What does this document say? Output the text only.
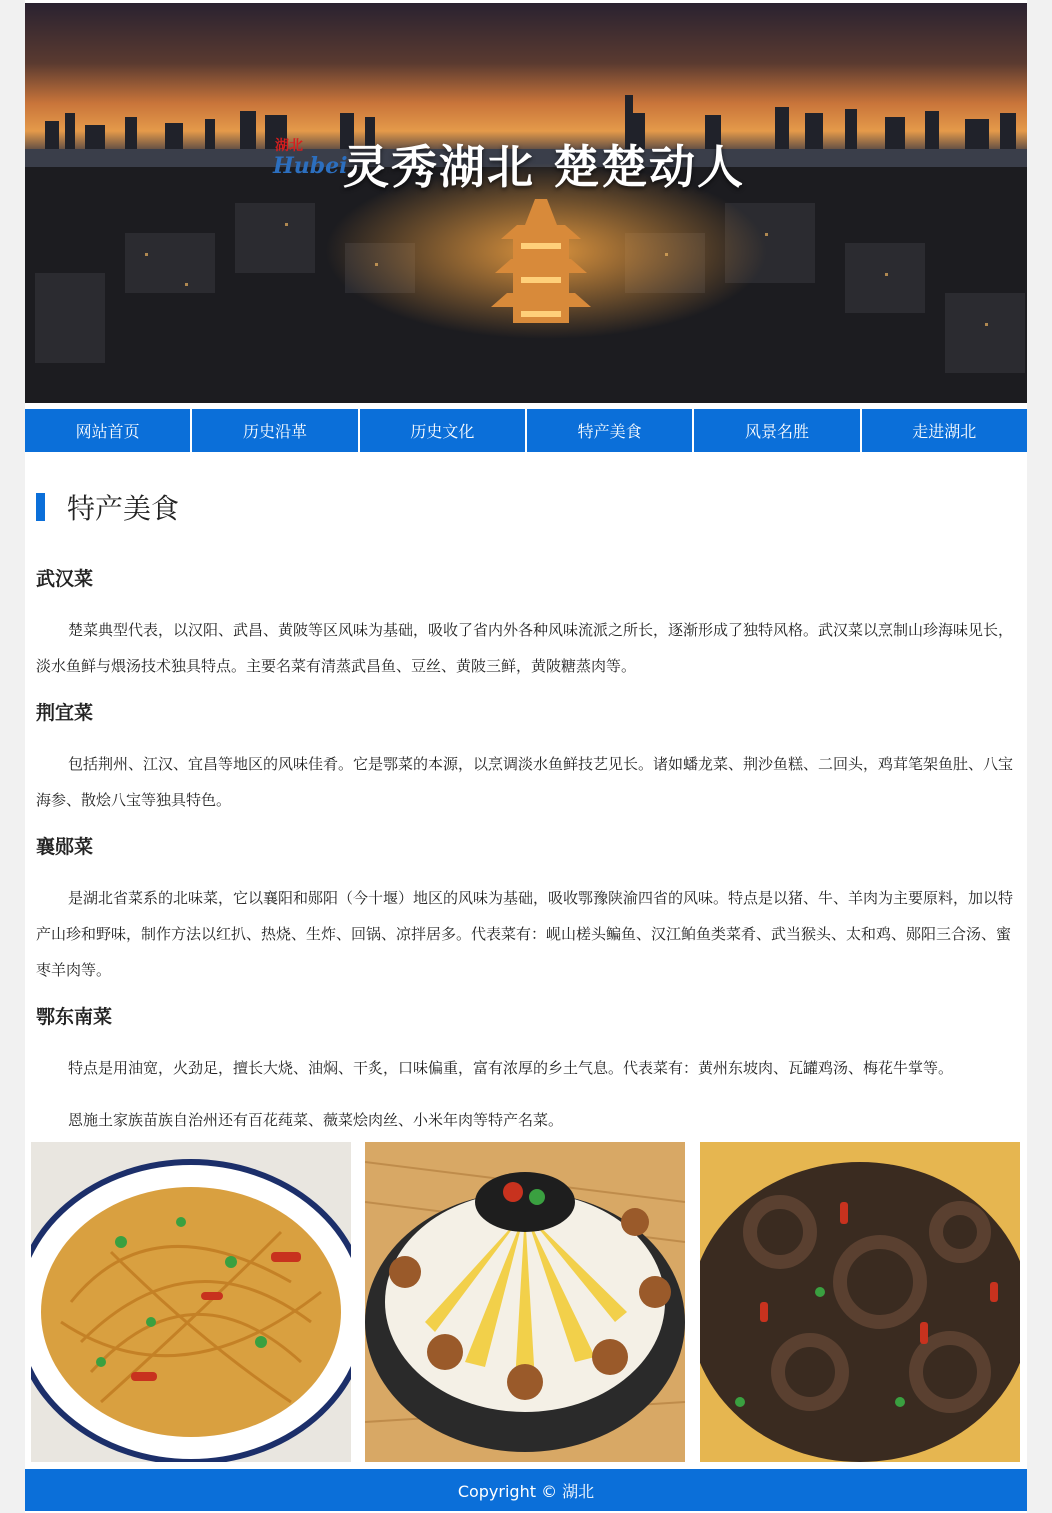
湖北
Hubei
灵秀湖北 楚楚动人
网站首页	历史沿革	历史文化	特产美食	风景名胜	走进湖北
特产美食
武汉菜

楚菜典型代表，以汉阳、武昌、黄陂等区风味为基础，吸收了省内外各种风味流派之所长，逐渐形成了独特风格。武汉菜以烹制山珍海味见长，淡水鱼鲜与煨汤技术独具特点。主要名菜有清蒸武昌鱼、豆丝、黄陂三鲜，黄陂糖蒸肉等。

荆宜菜

包括荆州、江汉、宜昌等地区的风味佳肴。它是鄂菜的本源，以烹调淡水鱼鲜技艺见长。诸如蟠龙菜、荆沙鱼糕、二回头，鸡茸笔架鱼肚、八宝海参、散烩八宝等独具特色。

襄郧菜

是湖北省菜系的北味菜，它以襄阳和郧阳（今十堰）地区的风味为基础，吸收鄂豫陕渝四省的风味。特点是以猪、牛、羊肉为主要原料，加以特产山珍和野味，制作方法以红扒、热烧、生炸、回锅、凉拌居多。代表菜有：岘山槎头鳊鱼、汉江鲌鱼类菜肴、武当猴头、太和鸡、郧阳三合汤、蜜枣羊肉等。

鄂东南菜

特点是用油宽，火劲足，擅长大烧、油焖、干炙，口味偏重，富有浓厚的乡土气息。代表菜有：黄州东坡肉、瓦罐鸡汤、梅花牛掌等。

恩施土家族苗族自治州还有百花莼菜、薇菜烩肉丝、小米年肉等特产名菜。

Copyright © 湖北
